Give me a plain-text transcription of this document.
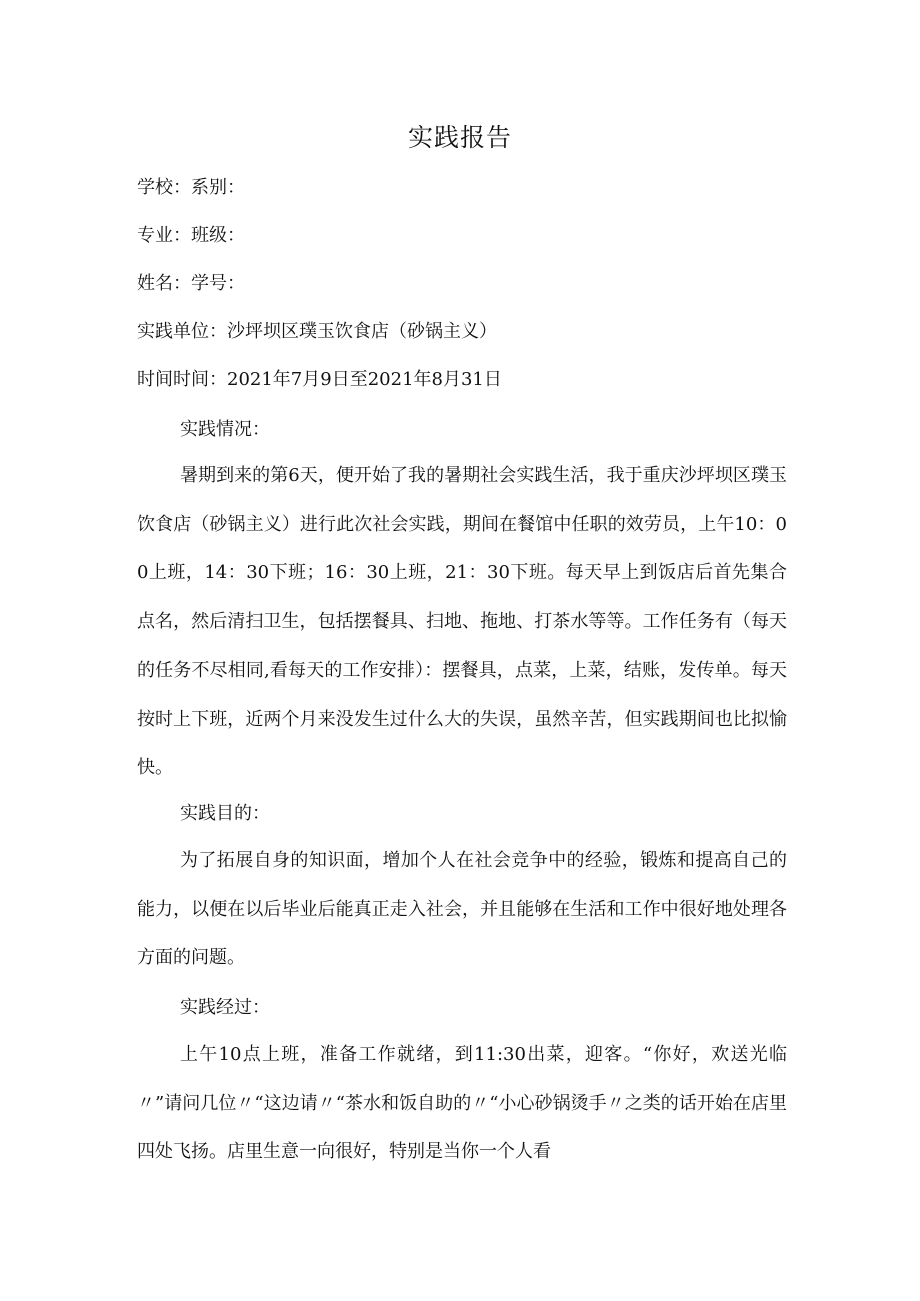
实践报告
学校：系别：
专业：班级：
姓名：学号：
实践单位：沙坪坝区璞玉饮食店（砂锅主义）
时间时间：2021年7月9日至2021年8月31日
实践情况：

暑期到来的第6天，便开始了我的暑期社会实践生活，我于重庆沙坪坝区璞玉饮食店（砂锅主义）进行此次社会实践，期间在餐馆中任职的效劳员，上午10：00上班，14：30下班；16：30上班，21：30下班。每天早上到饭店后首先集合点名，然后清扫卫生，包括摆餐具、扫地、拖地、打茶水等等。工作任务有（每天的任务不尽相同,看每天的工作安排）：摆餐具，点菜，上菜，结账，发传单。每天按时上下班，近两个月来没发生过什么大的失误，虽然辛苦，但实践期间也比拟愉快。

实践目的：

为了拓展自身的知识面，增加个人在社会竞争中的经验，锻炼和提高自己的能力，以便在以后毕业后能真正走入社会，并且能够在生活和工作中很好地处理各方面的问题。

实践经过：

上午10点上班，准备工作就绪，到11:30出菜，迎客。“你好，欢送光临〃”请问几位〃“这边请〃“茶水和饭自助的〃“小心砂锅烫手〃之类的话开始在店里四处飞扬。店里生意一向很好，特别是当你一个人看
